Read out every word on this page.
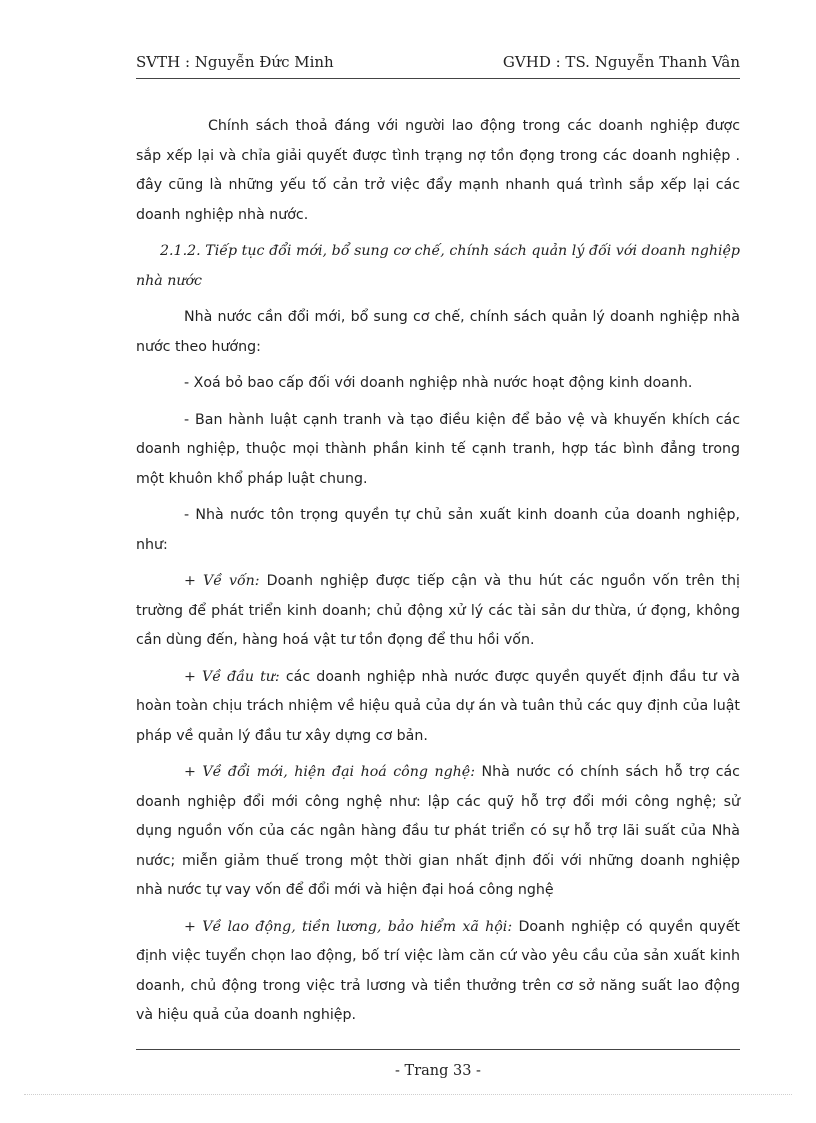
SVTH : Nguyễn Đức Minh	GVHD : TS. Nguyễn Thanh Vân

Chính sách thoả đáng với người lao động trong các doanh nghiệp được sắp xếp lại và chỉa giải quyết được tình trạng nợ tồn đọng trong các doanh nghiệp . đây cũng là những yếu tố cản trở việc đẩy mạnh nhanh quá trình sắp xếp lại các doanh nghiệp nhà nước.

2.1.2. Tiếp tục đổi mới, bổ sung cơ chế, chính sách quản lý đối với doanh nghiệp nhà nước

Nhà nước cần đổi mới, bổ sung cơ chế, chính sách quản lý doanh nghiệp nhà nước theo hướng:

- Xoá bỏ bao cấp đối với doanh nghiệp nhà nước hoạt động kinh doanh.

- Ban hành luật cạnh tranh và tạo điều kiện để bảo vệ và khuyến khích các doanh nghiệp, thuộc mọi thành phần kinh tế cạnh tranh, hợp tác bình đẳng trong một khuôn khổ pháp luật chung.

- Nhà nước tôn trọng quyền tự chủ sản xuất kinh doanh của doanh nghiệp, như:

+ Về vốn: Doanh nghiệp được tiếp cận và thu hút các nguồn vốn trên thị trường để phát triển kinh doanh; chủ động xử lý các tài sản dư thừa, ứ đọng, không cần dùng đến, hàng hoá vật tư tồn đọng để thu hồi vốn.

+ Về đầu tư: các doanh nghiệp nhà nước được quyền quyết định đầu tư và hoàn toàn chịu trách nhiệm về hiệu quả của dự án và tuân thủ các quy định của luật pháp về quản lý đầu tư xây dựng cơ bản.

+ Về đổi mới, hiện đại hoá công nghệ: Nhà nước có chính sách hỗ trợ các doanh nghiệp đổi mới công nghệ như: lập các quỹ hỗ trợ đổi mới công nghệ; sử dụng nguồn vốn của các ngân hàng đầu tư phát triển có sự hỗ trợ lãi suất của Nhà nước; miễn giảm thuế trong một thời gian nhất định đối với những doanh nghiệp nhà nước tự vay vốn để đổi mới và hiện đại hoá công nghệ

+ Về lao động, tiền lương, bảo hiểm xã hội: Doanh nghiệp có quyền quyết định việc tuyển chọn lao động, bố trí việc làm căn cứ vào yêu cầu của sản xuất kinh doanh, chủ động trong việc trả lương và tiền thưởng trên cơ sở năng suất lao động và hiệu quả của doanh nghiệp.

- Trang 33 -
